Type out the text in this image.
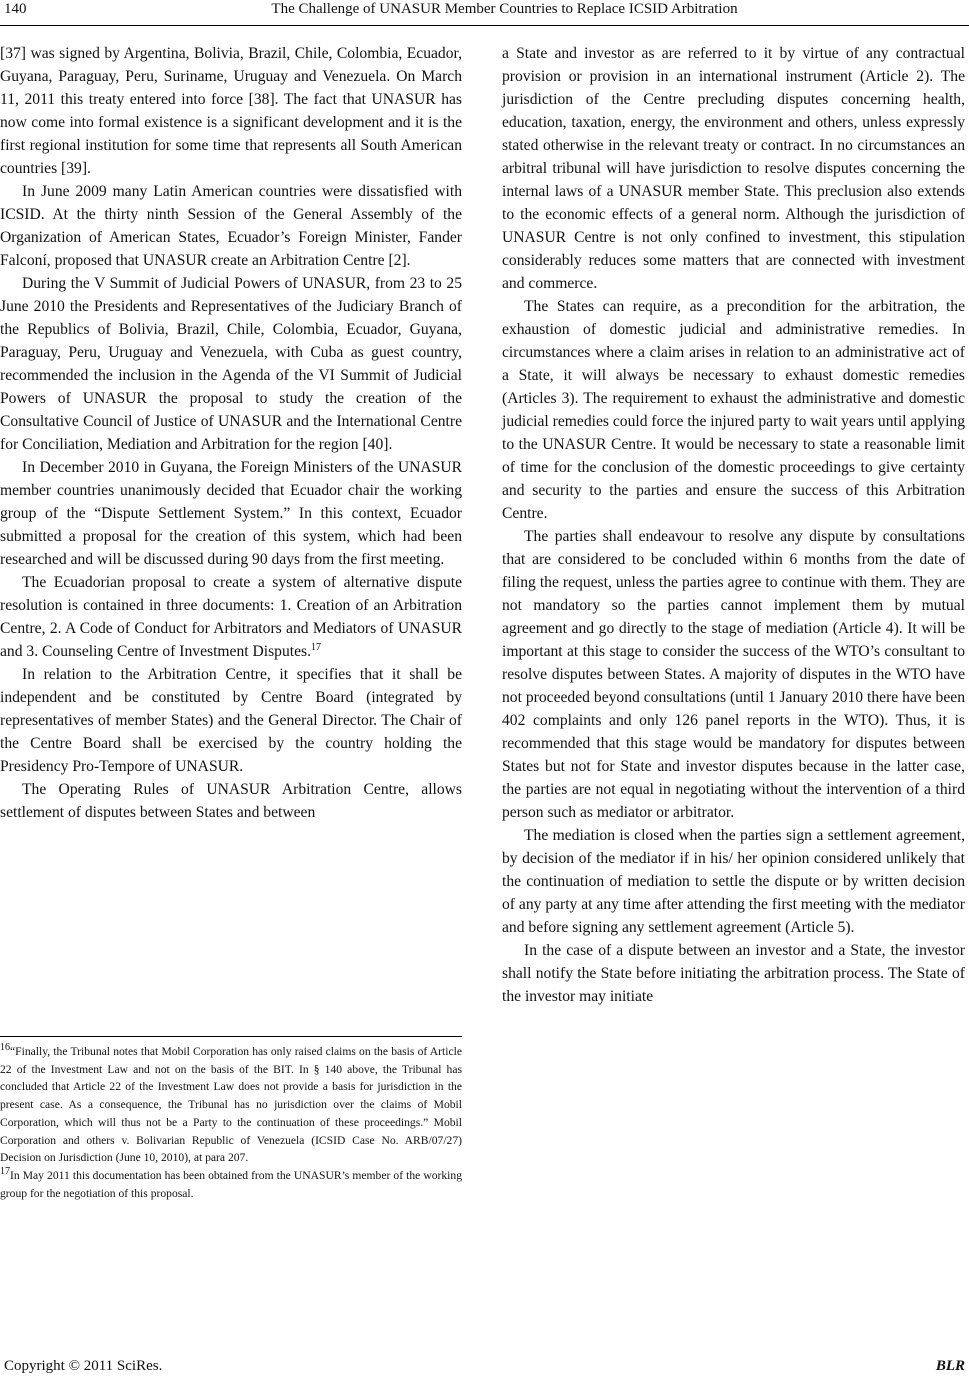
140	The Challenge of UNASUR Member Countries to Replace ICSID Arbitration

[37] was signed by Argentina, Bolivia, Brazil, Chile, Colombia, Ecuador, Guyana, Paraguay, Peru, Suriname, Uruguay and Venezuela. On March 11, 2011 this treaty entered into force [38]. The fact that UNASUR has now come into formal existence is a significant development and it is the first regional institution for some time that represents all South American countries [39].

In June 2009 many Latin American countries were dissatisfied with ICSID. At the thirty ninth Session of the General Assembly of the Organization of American States, Ecuador’s Foreign Minister, Fander Falconí, proposed that UNASUR create an Arbitration Centre [2].

During the V Summit of Judicial Powers of UNASUR, from 23 to 25 June 2010 the Presidents and Representatives of the Judiciary Branch of the Republics of Bolivia, Brazil, Chile, Colombia, Ecuador, Guyana, Paraguay, Peru, Uruguay and Venezuela, with Cuba as guest country, recommended the inclusion in the Agenda of the VI Summit of Judicial Powers of UNASUR the proposal to study the creation of the Consultative Council of Justice of UNASUR and the International Centre for Conciliation, Mediation and Arbitration for the region [40].

In December 2010 in Guyana, the Foreign Ministers of the UNASUR member countries unanimously decided that Ecuador chair the working group of the “Dispute Settlement System.” In this context, Ecuador submitted a proposal for the creation of this system, which had been researched and will be discussed during 90 days from the first meeting.

The Ecuadorian proposal to create a system of alternative dispute resolution is contained in three documents: 1. Creation of an Arbitration Centre, 2. A Code of Conduct for Arbitrators and Mediators of UNASUR and 3. Counseling Centre of Investment Disputes.$^{17}$

In relation to the Arbitration Centre, it specifies that it shall be independent and be constituted by Centre Board (integrated by representatives of member States) and the General Director. The Chair of the Centre Board shall be exercised by the country holding the Presidency Pro-Tempore of UNASUR.

The Operating Rules of UNASUR Arbitration Centre, allows settlement of disputes between States and between

$^{16}$“Finally, the Tribunal notes that Mobil Corporation has only raised claims on the basis of Article 22 of the Investment Law and not on the basis of the BIT. In § 140 above, the Tribunal has concluded that Article 22 of the Investment Law does not provide a basis for jurisdiction in the present case. As a consequence, the Tribunal has no jurisdiction over the claims of Mobil Corporation, which will thus not be a Party to the continuation of these proceedings.” Mobil Corporation and others v. Bolivarian Republic of Venezuela (ICSID Case No. ARB/07/27) Decision on Jurisdiction (June 10, 2010), at para 207.

$^{17}$In May 2011 this documentation has been obtained from the UNASUR’s member of the working group for the negotiation of this proposal.

a State and investor as are referred to it by virtue of any contractual provision or provision in an international instrument (Article 2). The jurisdiction of the Centre precluding disputes concerning health, education, taxation, energy, the environment and others, unless expressly stated otherwise in the relevant treaty or contract. In no circumstances an arbitral tribunal will have jurisdiction to resolve disputes concerning the internal laws of a UNASUR member State. This preclusion also extends to the economic effects of a general norm. Although the jurisdiction of UNASUR Centre is not only confined to investment, this stipulation considerably reduces some matters that are connected with investment and commerce.

The States can require, as a precondition for the arbitration, the exhaustion of domestic judicial and administrative remedies. In circumstances where a claim arises in relation to an administrative act of a State, it will always be necessary to exhaust domestic remedies (Articles 3). The requirement to exhaust the administrative and domestic judicial remedies could force the injured party to wait years until applying to the UNASUR Centre. It would be necessary to state a reasonable limit of time for the conclusion of the domestic proceedings to give certainty and security to the parties and ensure the success of this Arbitration Centre.

The parties shall endeavour to resolve any dispute by consultations that are considered to be concluded within 6 months from the date of filing the request, unless the parties agree to continue with them. They are not mandatory so the parties cannot implement them by mutual agreement and go directly to the stage of mediation (Article 4). It will be important at this stage to consider the success of the WTO’s consultant to resolve disputes between States. A majority of disputes in the WTO have not proceeded beyond consultations (until 1 January 2010 there have been 402 complaints and only 126 panel reports in the WTO). Thus, it is recommended that this stage would be mandatory for disputes between States but not for State and investor disputes because in the latter case, the parties are not equal in negotiating without the intervention of a third person such as mediator or arbitrator.

The mediation is closed when the parties sign a settlement agreement, by decision of the mediator if in his/ her opinion considered unlikely that the continuation of mediation to settle the dispute or by written decision of any party at any time after attending the first meeting with the mediator and before signing any settlement agreement (Article 5).

In the case of a dispute between an investor and a State, the investor shall notify the State before initiating the arbitration process. The State of the investor may initiate

Copyright © 2011 SciRes.	BLR
